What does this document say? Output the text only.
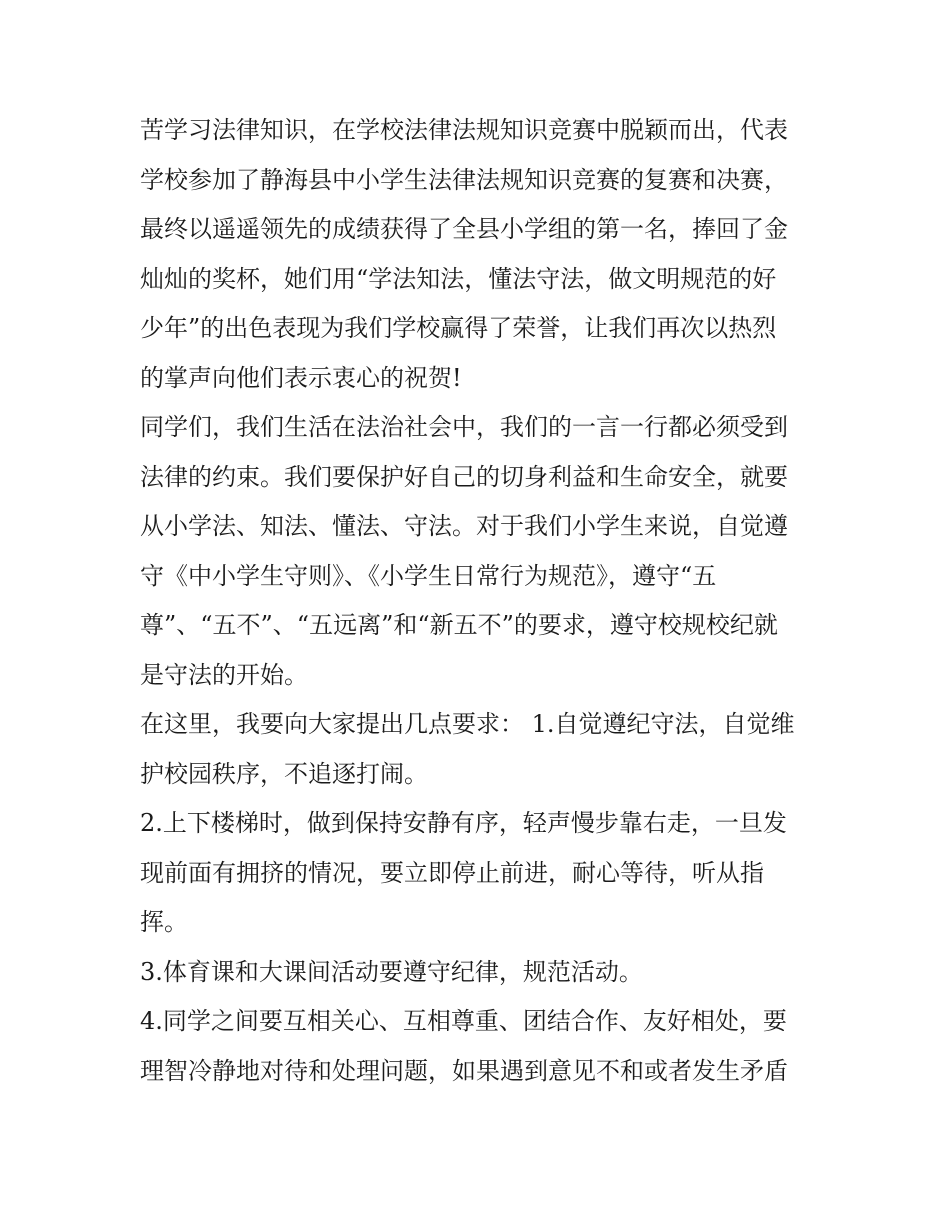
苦学习法律知识，在学校法律法规知识竞赛中脱颖而出，代表
学校参加了静海县中小学生法律法规知识竞赛的复赛和决赛，
最终以遥遥领先的成绩获得了全县小学组的第一名，捧回了金
灿灿的奖杯，她们用“学法知法，懂法守法，做文明规范的好
少年”的出色表现为我们学校赢得了荣誉，让我们再次以热烈
的掌声向他们表示衷心的祝贺!
同学们，我们生活在法治社会中，我们的一言一行都必须受到
法律的约束。我们要保护好自己的切身利益和生命安全，就要
从小学法、知法、懂法、守法。对于我们小学生来说，自觉遵
守《中小学生守则》、《小学生日常行为规范》，遵守“五
尊”、“五不”、“五远离”和“新五不”的要求，遵守校规校纪就
是守法的开始。
在这里，我要向大家提出几点要求： 1.自觉遵纪守法，自觉维
护校园秩序，不追逐打闹。
2.上下楼梯时，做到保持安静有序，轻声慢步靠右走，一旦发
现前面有拥挤的情况，要立即停止前进，耐心等待，听从指
挥。
3.体育课和大课间活动要遵守纪律，规范活动。
4.同学之间要互相关心、互相尊重、团结合作、友好相处，要
理智冷静地对待和处理问题，如果遇到意见不和或者发生矛盾
